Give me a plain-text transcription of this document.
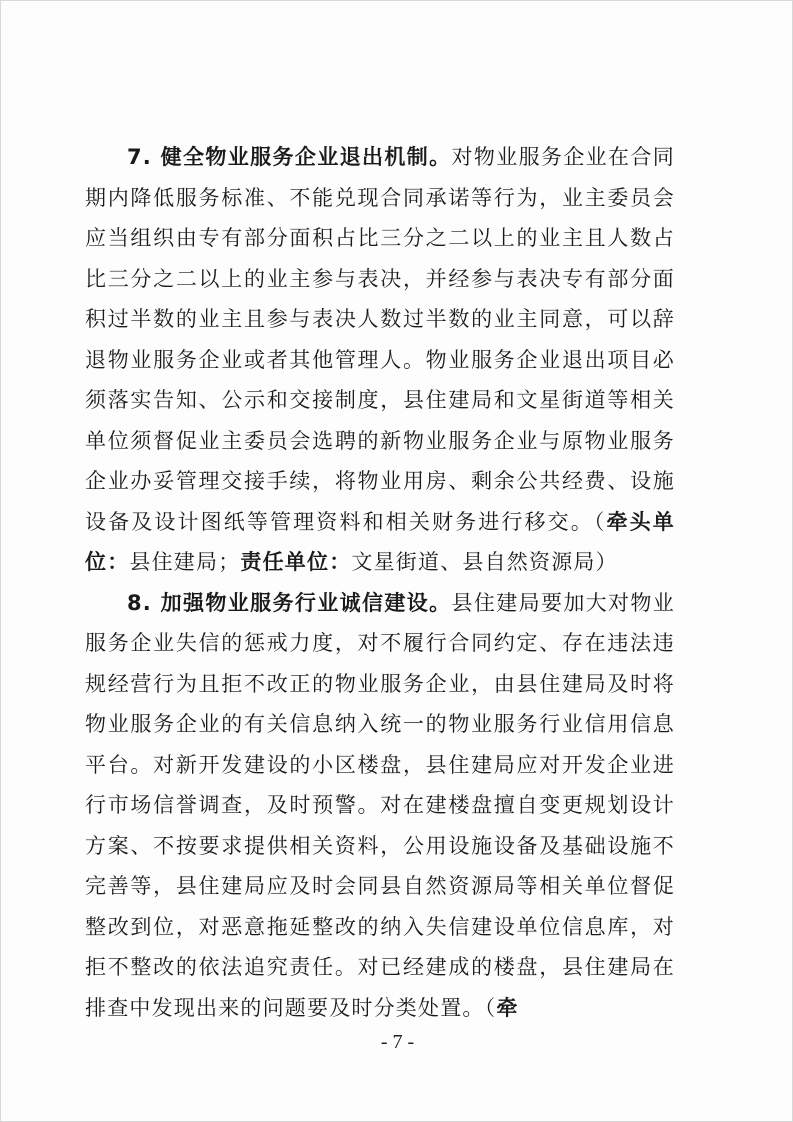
7. 健全物业服务企业退出机制。对物业服务企业在合同期内降低服务标准、不能兑现合同承诺等行为，业主委员会应当组织由专有部分面积占比三分之二以上的业主且人数占比三分之二以上的业主参与表决，并经参与表决专有部分面积过半数的业主且参与表决人数过半数的业主同意，可以辞退物业服务企业或者其他管理人。物业服务企业退出项目必须落实告知、公示和交接制度，县住建局和文星街道等相关单位须督促业主委员会选聘的新物业服务企业与原物业服务企业办妥管理交接手续，将物业用房、剩余公共经费、设施设备及设计图纸等管理资料和相关财务进行移交。（牵头单位：县住建局；责任单位：文星街道、县自然资源局）

8. 加强物业服务行业诚信建设。县住建局要加大对物业服务企业失信的惩戒力度，对不履行合同约定、存在违法违规经营行为且拒不改正的物业服务企业，由县住建局及时将物业服务企业的有关信息纳入统一的物业服务行业信用信息平台。对新开发建设的小区楼盘，县住建局应对开发企业进行市场信誉调查，及时预警。对在建楼盘擅自变更规划设计方案、不按要求提供相关资料，公用设施设备及基础设施不完善等，县住建局应及时会同县自然资源局等相关单位督促整改到位，对恶意拖延整改的纳入失信建设单位信息库，对拒不整改的依法追究责任。对已经建成的楼盘，县住建局在排查中发现出来的问题要及时分类处置。（牵

- 7 -
